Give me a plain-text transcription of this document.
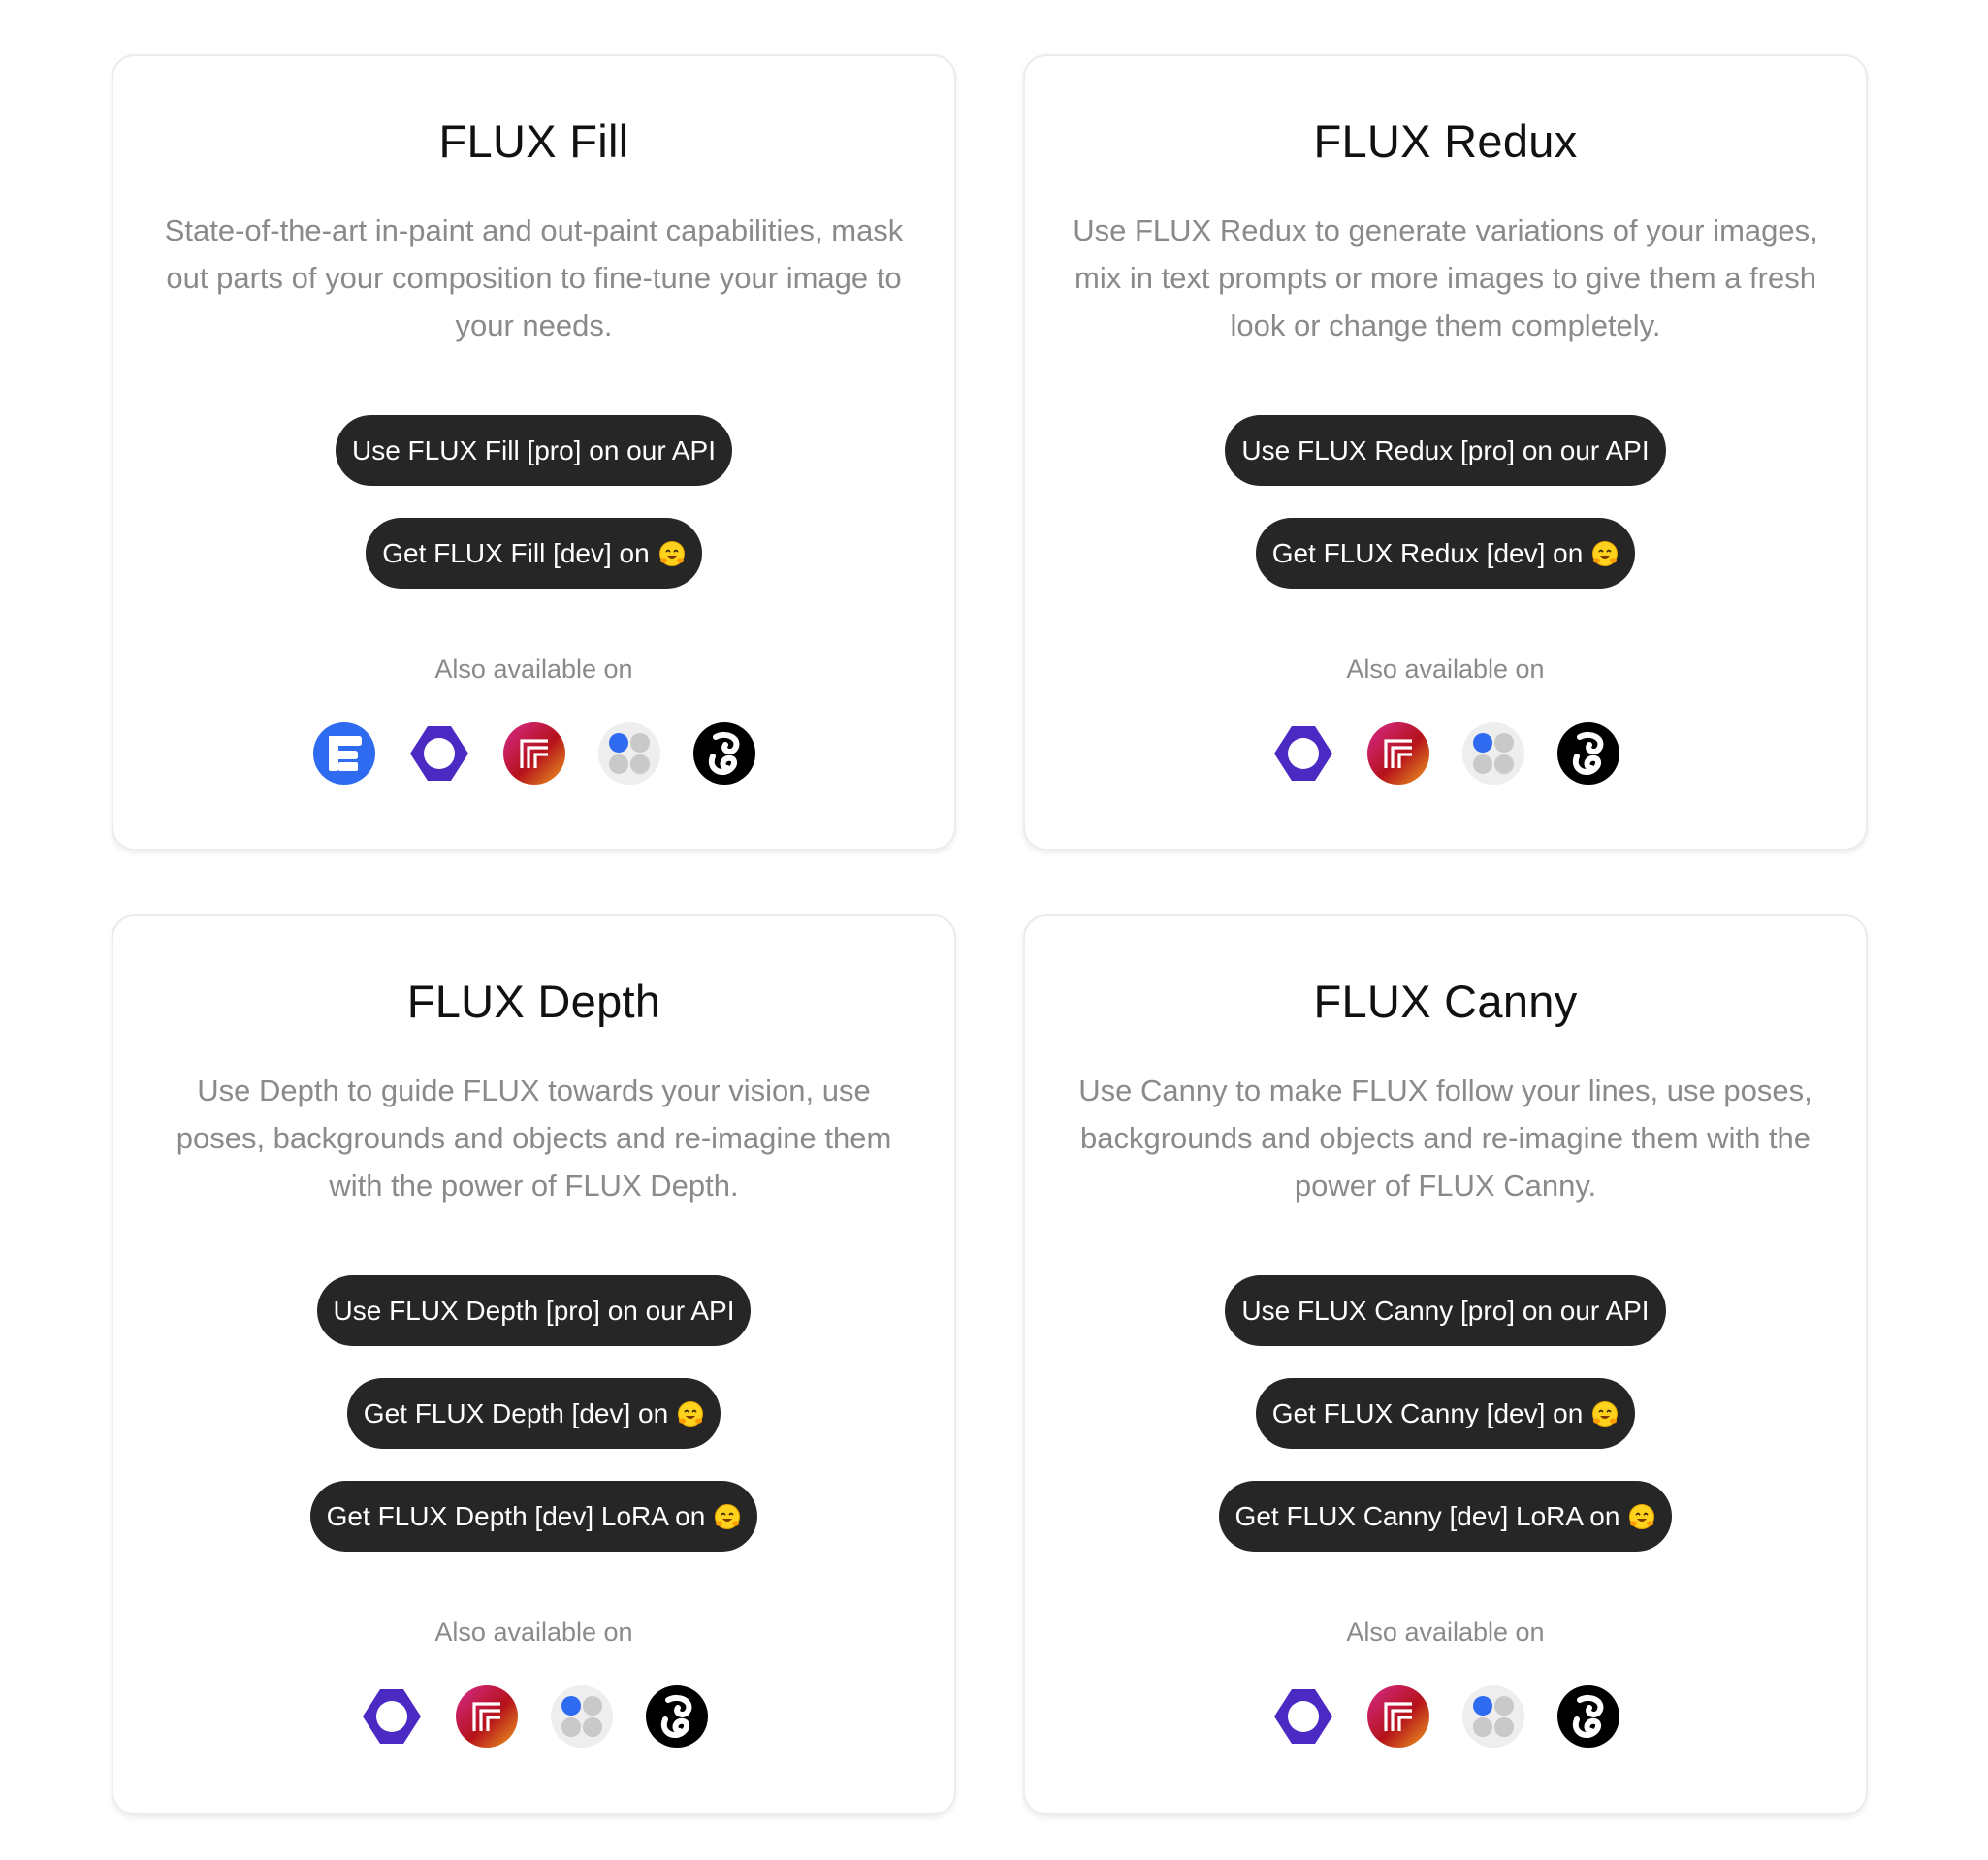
FLUX Fill

State-of-the-art in-paint and out-paint capabilities, mask out parts of your composition to fine-tune your image to your needs.

Use FLUX Fill [pro] on our API
Get FLUX Fill [dev] on
Also available on
FLUX Redux

Use FLUX Redux to generate variations of your images, mix in text prompts or more images to give them a fresh look or change them completely.

Use FLUX Redux [pro] on our API
Get FLUX Redux [dev] on
Also available on
FLUX Depth

Use Depth to guide FLUX towards your vision, use poses, backgrounds and objects and re-imagine them with the power of FLUX Depth.

Use FLUX Depth [pro] on our API
Get FLUX Depth [dev] on
Get FLUX Depth [dev] LoRA on
Also available on
FLUX Canny

Use Canny to make FLUX follow your lines, use poses, backgrounds and objects and re-imagine them with the power of FLUX Canny.

Use FLUX Canny [pro] on our API
Get FLUX Canny [dev] on
Get FLUX Canny [dev] LoRA on
Also available on
